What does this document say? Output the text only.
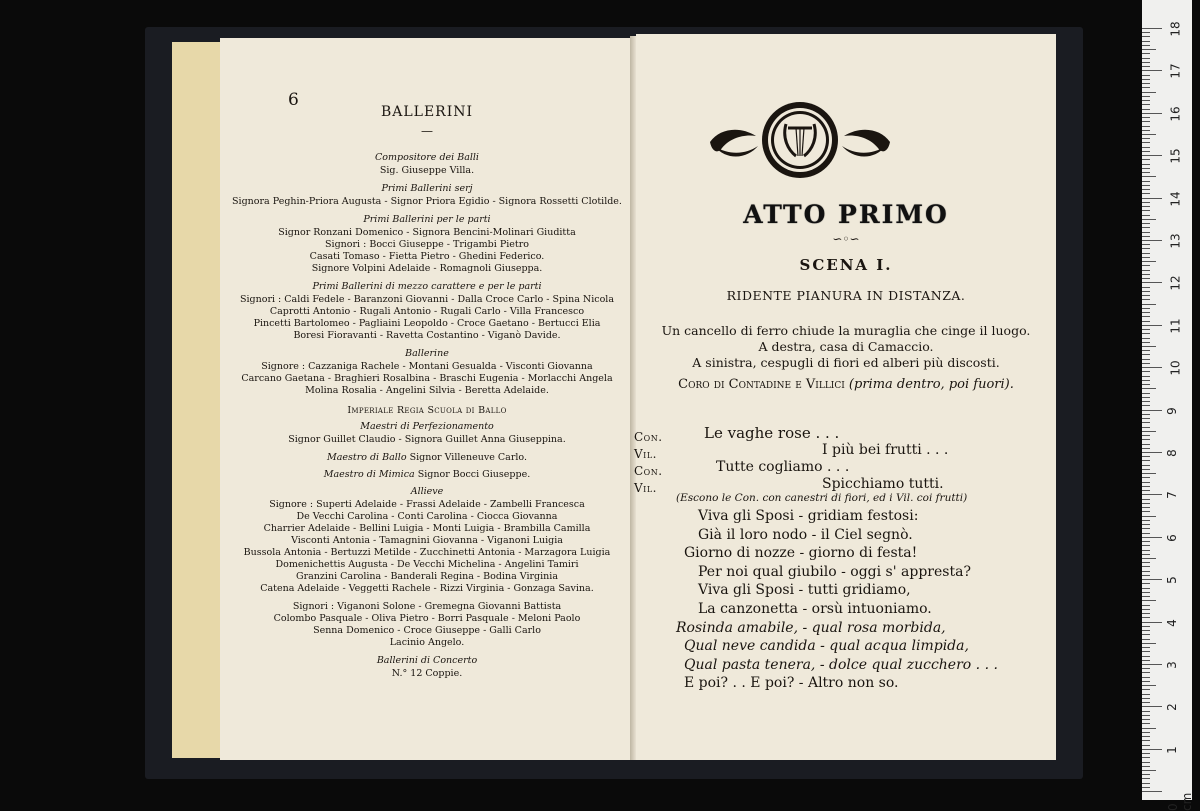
6
BALLERINI
—
Compositore dei Balli
Sig. Giuseppe Villa.
Primi Ballerini serj
Signora Peghin-Priora Augusta - Signor Priora Egidio - Signora Rossetti Clotilde.
Primi Ballerini per le parti
Signor Ronzani Domenico - Signora Bencini-Molinari Giuditta
Signori : Bocci Giuseppe - Trigambi Pietro
Casati Tomaso - Fietta Pietro - Ghedini Federico.
Signore Volpini Adelaide - Romagnoli Giuseppa.
Primi Ballerini di mezzo carattere e per le parti
Signori : Caldi Fedele - Baranzoni Giovanni - Dalla Croce Carlo - Spina Nicola
Caprotti Antonio - Rugali Antonio - Rugali Carlo - Villa Francesco
Pincetti Bartolomeo - Pagliaini Leopoldo - Croce Gaetano - Bertucci Elia
Boresi Fioravanti - Ravetta Costantino - Viganò Davide.
Ballerine
Signore : Cazzaniga Rachele - Montani Gesualda - Visconti Giovanna
Carcano Gaetana - Braghieri Rosalbina - Braschi Eugenia - Morlacchi Angela
Molina Rosalia - Angelini Silvia - Beretta Adelaide.
Imperiale Regia Scuola di Ballo
Maestri di Perfezionamento
Signor Guillet Claudio - Signora Guillet Anna Giuseppina.
Maestro di Ballo Signor Villeneuve Carlo.
Maestro di Mimica Signor Bocci Giuseppe.
Allieve
Signore : Superti Adelaide - Frassi Adelaide - Zambelli Francesca
De Vecchi Carolina - Conti Carolina - Ciocca Giovanna
Charrier Adelaide - Bellini Luigia - Monti Luigia - Brambilla Camilla
Visconti Antonia - Tamagnini Giovanna - Viganoni Luigia
Bussola Antonia - Bertuzzi Metilde - Zucchinetti Antonia - Marzagora Luigia
Domenichettis Augusta - De Vecchi Michelina - Angelini Tamiri
Granzini Carolina - Banderali Regina - Bodina Virginia
Catena Adelaide - Veggetti Rachele - Rizzi Virginia - Gonzaga Savina.
Signori : Viganoni Solone - Gremegna Giovanni Battista
Colombo Pasquale - Oliva Pietro - Borri Pasquale - Meloni Paolo
Senna Domenico - Croce Giuseppe - Galli Carlo
Lacinio Angelo.
Ballerini di Concerto
N.° 12 Coppie.
ATTO PRIMO
∽◦∽
SCENA I.
RIDENTE PIANURA IN DISTANZA.
Un cancello di ferro chiude la muraglia che cinge il luogo.
A destra, casa di Camaccio.
A sinistra, cespugli di fiori ed alberi più discosti.
Coro di Contadine e Villici (prima dentro, poi fuori).
Con.
Vil.
Con.
Vil.
Le vaghe rose . . .
I più bei frutti . . .
Tutte cogliamo . . .
Spicchiamo tutti.
(Escono le Con. con canestri di fiori, ed i Vil. coi frutti)
Viva gli Sposi - gridiam festosi:
Già il loro nodo - il Ciel segnò.
Giorno di nozze - giorno di festa!
Per noi qual giubilo - oggi s' appresta?
Viva gli Sposi - tutti gridiamo,
La canzonetta - orsù intuoniamo.
Rosinda amabile, - qual rosa morbida,
Qual neve candida - qual acqua limpida,
Qual pasta tenera, - dolce qual zucchero . . .
E poi? . . E poi? - Altro non so.
18
17
16
15
14
13
12
11
10
9
8
7
6
5
4
3
2
1
0 cm
